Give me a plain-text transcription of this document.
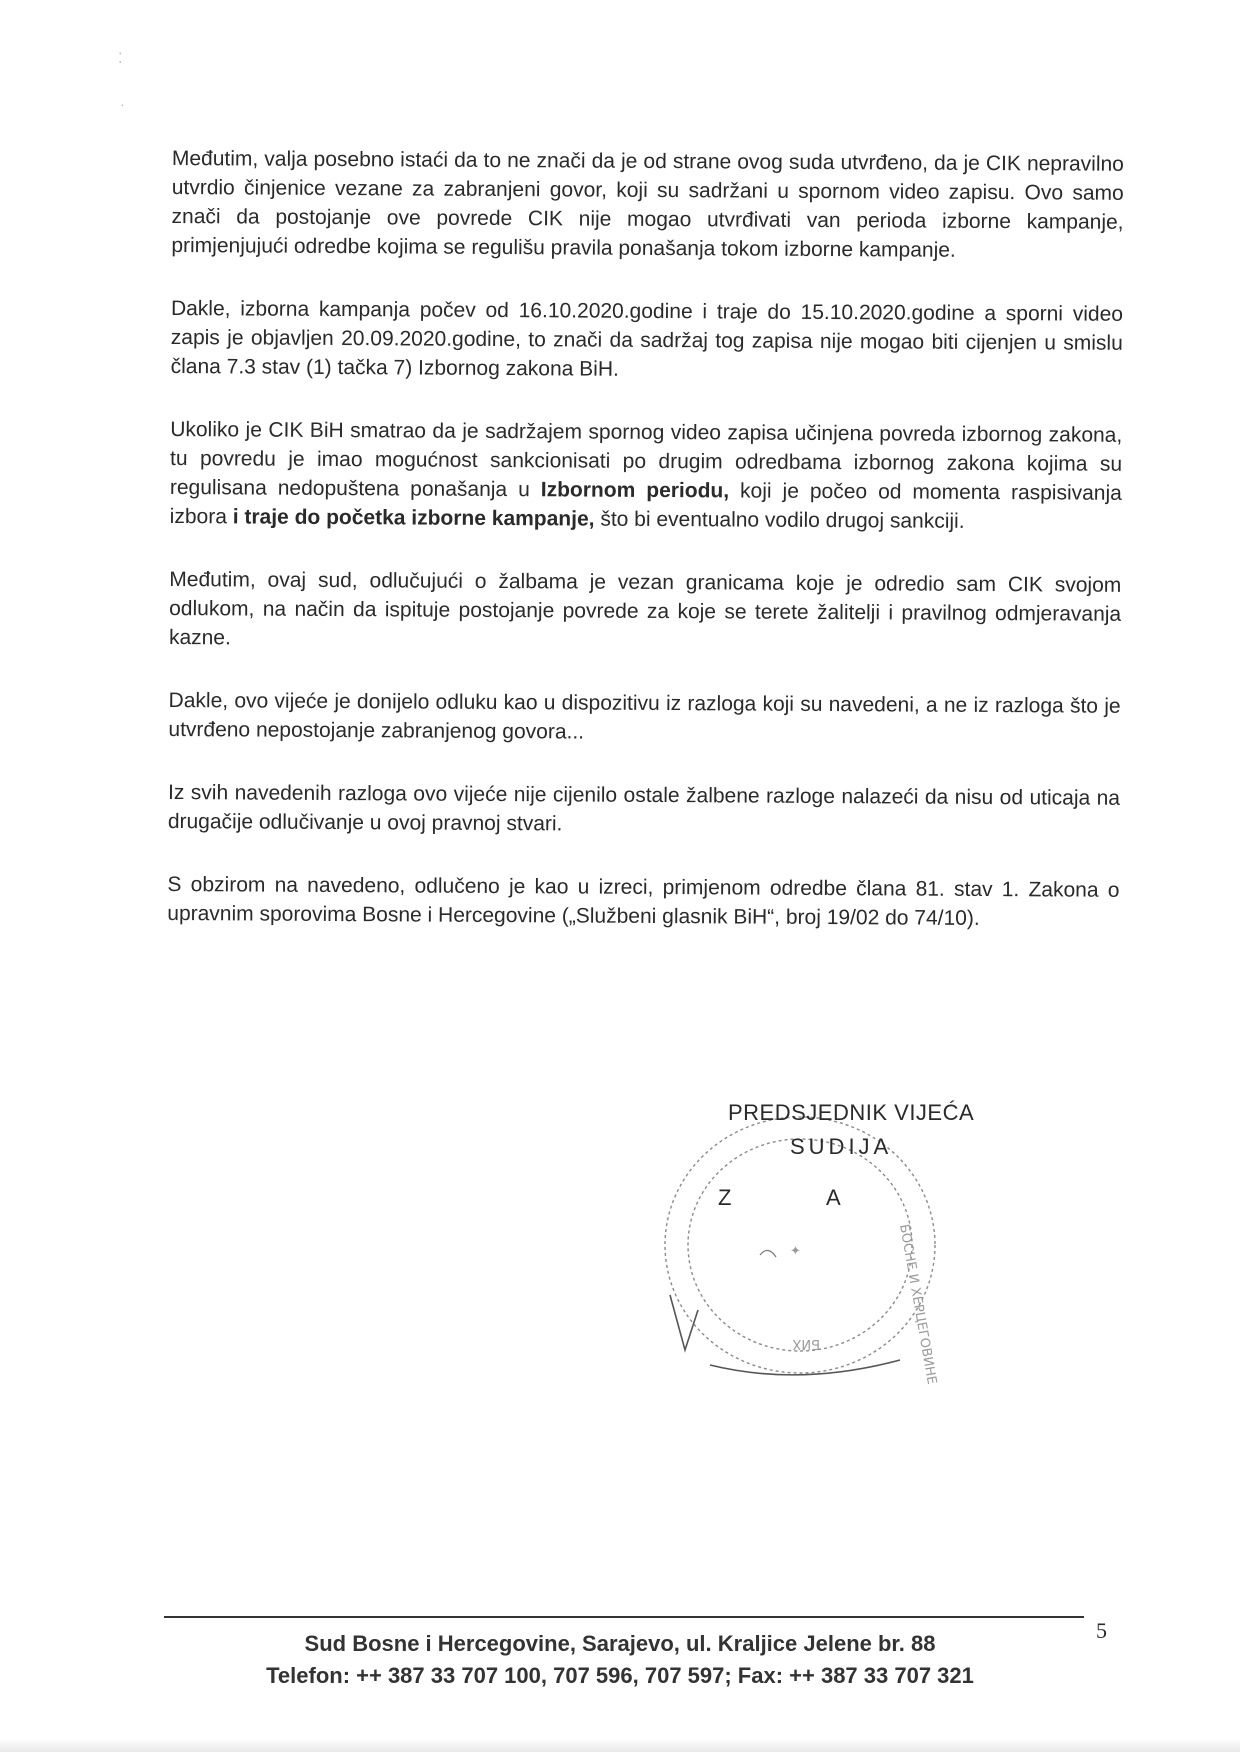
⁚
·

Međutim, valja posebno istaći da to ne znači da je od strane ovog suda utvrđeno, da je CIK nepravilno utvrdio činjenice vezane za zabranjeni govor, koji su sadržani u spornom video zapisu. Ovo samo znači da postojanje ove povrede CIK nije mogao utvrđivati van perioda izborne kampanje, primjenjujući odredbe kojima se regulišu pravila ponašanja tokom izborne kampanje.

Dakle, izborna kampanja počev od 16.10.2020.godine i traje do 15.10.2020.godine a sporni video zapis je objavljen 20.09.2020.godine, to znači da sadržaj tog zapisa nije mogao biti cijenjen u smislu člana 7.3 stav (1) tačka 7) Izbornog zakona BiH.

Ukoliko je CIK BiH smatrao da je sadržajem spornog video zapisa učinjena povreda izbornog zakona, tu povredu je imao mogućnost sankcionisati po drugim odredbama izbornog zakona kojima su regulisana nedopuštena ponašanja u Izbornom periodu, koji je počeo od momenta raspisivanja izbora i traje do početka izborne kampanje, što bi eventualno vodilo drugoj sankciji.

Međutim, ovaj sud, odlučujući o žalbama je vezan granicama koje je odredio sam CIK svojom odlukom, na način da ispituje postojanje povrede za koje se terete žalitelji i pravilnog odmjeravanja kazne.

Dakle, ovo vijeće je donijelo odluku kao u dispozitivu iz razloga koji su navedeni, a ne iz razloga što je utvrđeno nepostojanje zabranjenog govora...

Iz svih navedenih razloga ovo vijeće nije cijenilo ostale žalbene razloge nalazeći da nisu od uticaja na drugačije odlučivanje u ovoj pravnoj stvari.

S obzirom na navedeno, odlučeno je kao u izreci, primjenom odredbe člana 81. stav 1. Zakona o upravnim sporovima Bosne i Hercegovine („Službeni glasnik BiH“, broj 19/02 do 74/10).

БОСНЕ И ХЕРЦЕГОВИНЕ
БИХ
✦
PREDSJEDNIK VIJEĆA
SUDIJA
Z	A
5
Sud Bosne i Hercegovine, Sarajevo, ul. Kraljice Jelene br. 88
Telefon: ++ 387 33 707 100, 707 596, 707 597; Fax: ++ 387 33 707 321
